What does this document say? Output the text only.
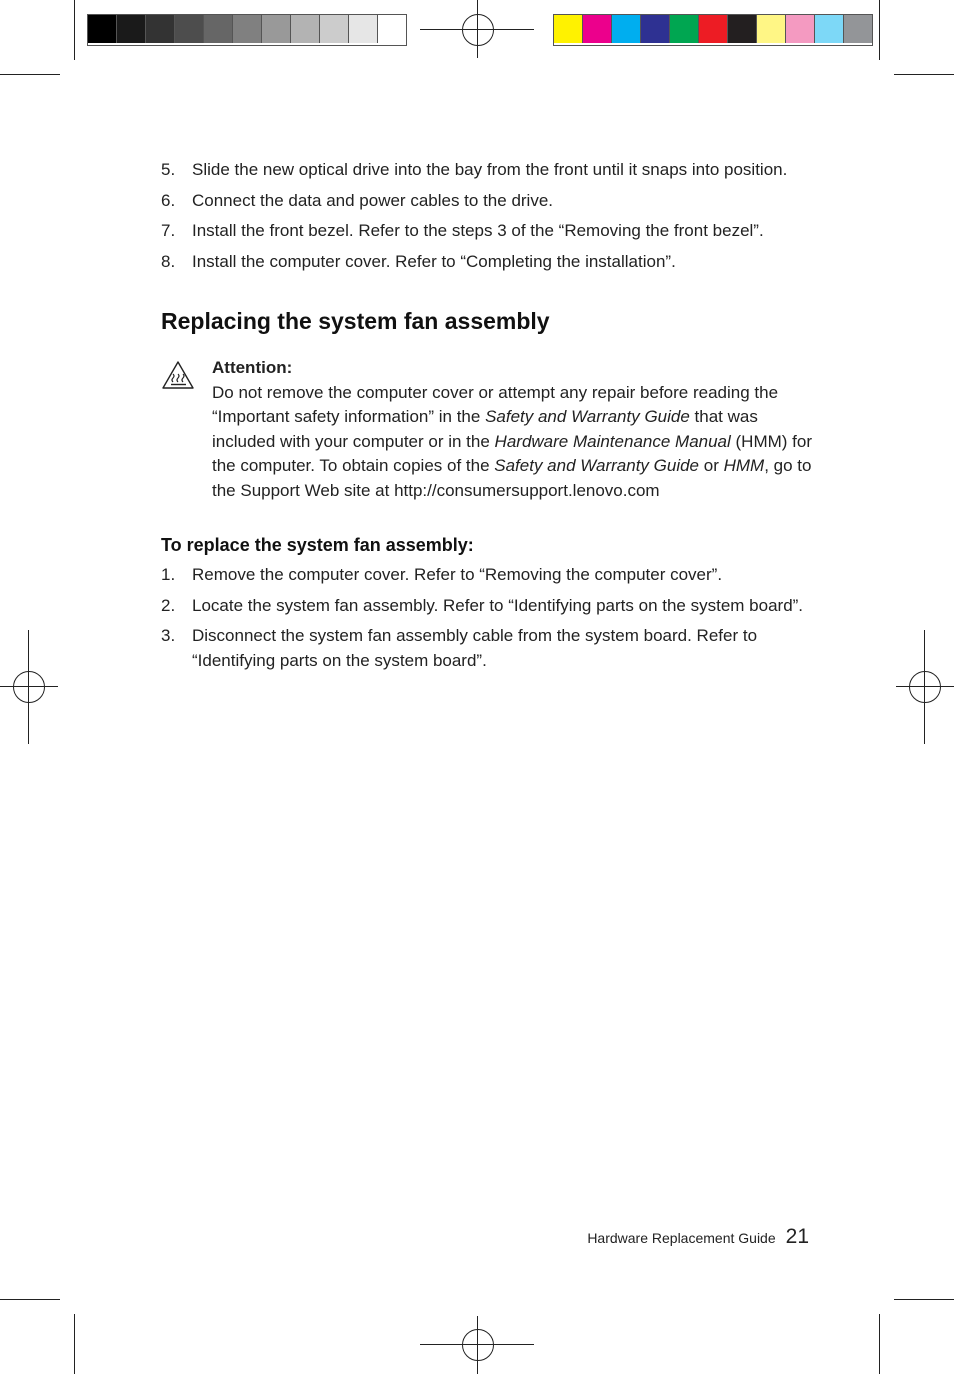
5. Slide the new optical drive into the bay from the front until it snaps into position.
6. Connect the data and power cables to the drive.
7. Install the front bezel. Refer to the steps 3 of the “Removing the front bezel”.
8. Install the computer cover. Refer to “Completing the installation”.
Replacing the system fan assembly
Attention:
Do not remove the computer cover or attempt any repair before reading the “Important safety information” in the Safety and Warranty Guide that was included with your computer or in the Hardware Maintenance Manual (HMM) for the computer. To obtain copies of the Safety and Warranty Guide or HMM, go to the Support Web site at http://consumersupport.lenovo.com
To replace the system fan assembly:
1. Remove the computer cover. Refer to “Removing the computer cover”.
2. Locate the system fan assembly. Refer to “Identifying parts on the system board”.
3. Disconnect the system fan assembly cable from the system board. Refer to “Identifying parts on the system board”.
Hardware Replacement Guide 21
